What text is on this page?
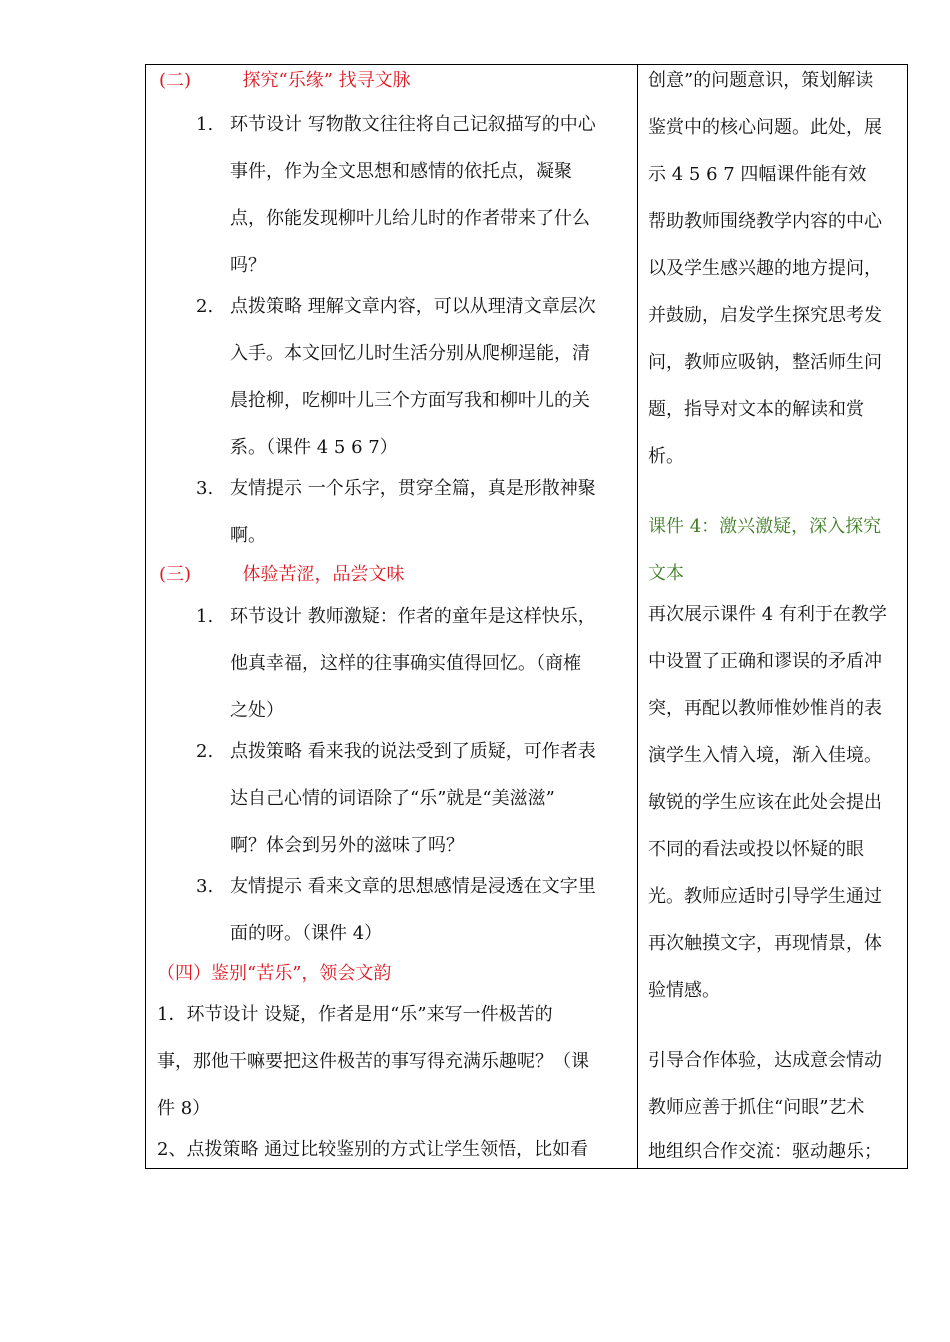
(二)	探究“乐缘” 找寻文脉
1. 环节设计 写物散文往往将自己记叙描写的中心
事件，作为全文思想和感情的依托点，凝聚
点，你能发现柳叶儿给儿时的作者带来了什么
吗？
2. 点拨策略 理解文章内容，可以从理清文章层次
入手。本文回忆儿时生活分别从爬柳逞能，清
晨抢柳，吃柳叶儿三个方面写我和柳叶儿的关
系。（课件 4 5 6 7）
3. 友情提示 一个乐字，贯穿全篇，真是形散神聚
啊。
(三)	体验苦涩，品尝文味
1. 环节设计 教师激疑：作者的童年是这样快乐，
他真幸福，这样的往事确实值得回忆。（商榷
之处）
2. 点拨策略 看来我的说法受到了质疑，可作者表
达自己心情的词语除了“乐”就是“美滋滋”
啊？体会到另外的滋味了吗？
3. 友情提示 看来文章的思想感情是浸透在文字里
面的呀。（课件 4）
（四）鉴别“苦乐”，领会文韵
1．环节设计 设疑，作者是用“乐”来写一件极苦的
事，那他干嘛要把这件极苦的事写得充满乐趣呢？（课
件 8）
2、点拨策略 通过比较鉴别的方式让学生领悟，比如看
创意”的问题意识，策划解读
鉴赏中的核心问题。此处，展
示 4 5 6 7 四幅课件能有效
帮助教师围绕教学内容的中心
以及学生感兴趣的地方提问，
并鼓励，启发学生探究思考发
问，教师应吸钠，整活师生问
题，指导对文本的解读和赏
析。
课件 4：激兴激疑，深入探究
文本
再次展示课件 4 有利于在教学
中设置了正确和谬误的矛盾冲
突，再配以教师惟妙惟肖的表
演学生入情入境，渐入佳境。
敏锐的学生应该在此处会提出
不同的看法或投以怀疑的眼
光。教师应适时引导学生通过
再次触摸文字，再现情景，体
验情感。
引导合作体验，达成意会情动
教师应善于抓住“问眼”艺术
地组织合作交流：驱动趣乐；
